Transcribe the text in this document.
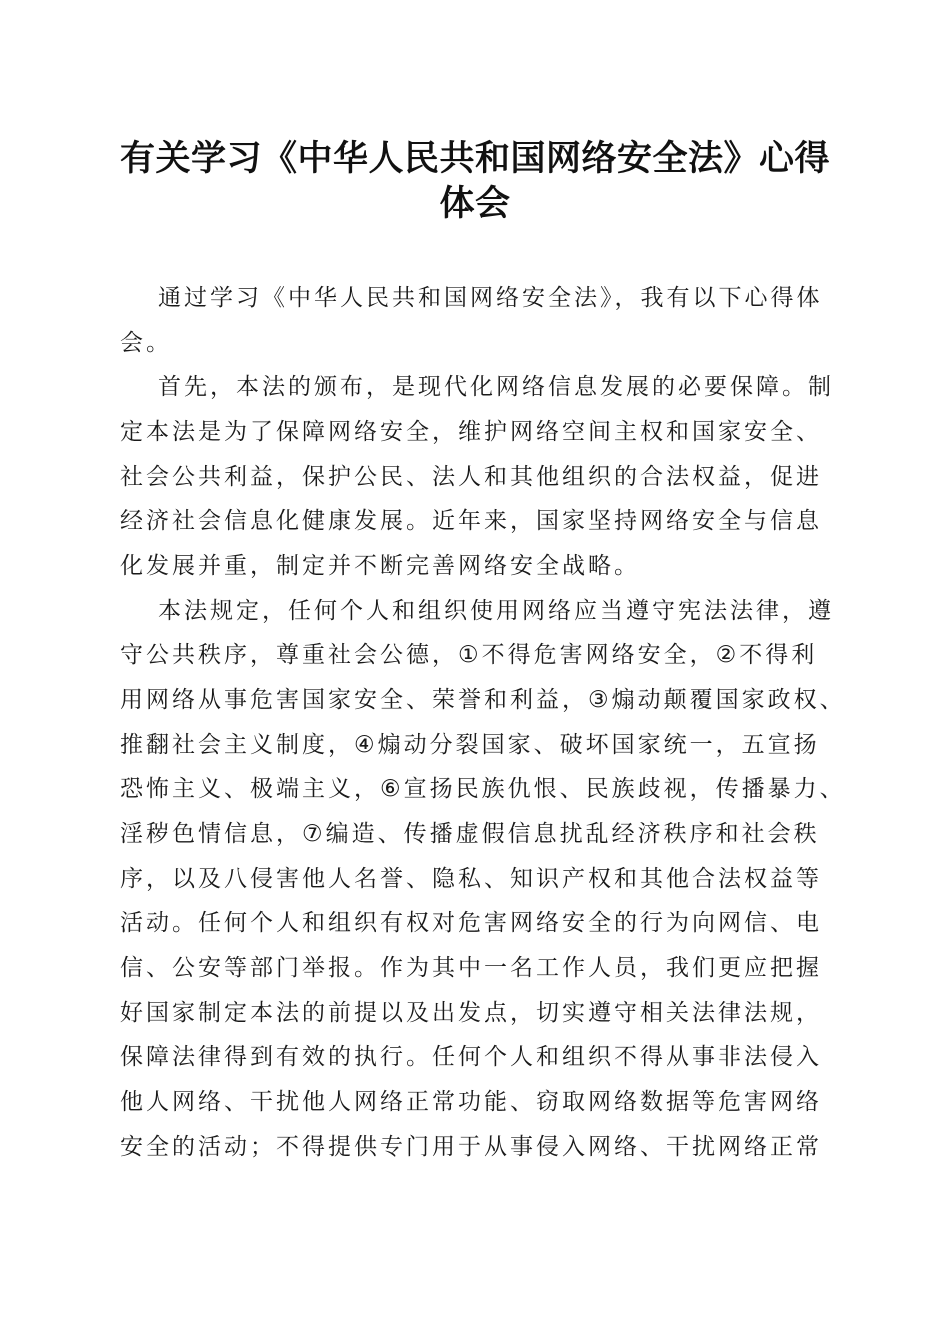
有关学习《中华人民共和国网络安全法》心得
体会

通过学习《中华人民共和国网络安全法》，我有以下心得体

会。

首先，本法的颁布，是现代化网络信息发展的必要保障。制

定本法是为了保障网络安全，维护网络空间主权和国家安全、

社会公共利益，保护公民、法人和其他组织的合法权益，促进

经济社会信息化健康发展。近年来，国家坚持网络安全与信息

化发展并重，制定并不断完善网络安全战略。

本法规定，任何个人和组织使用网络应当遵守宪法法律，遵

守公共秩序，尊重社会公德，①不得危害网络安全，②不得利

用网络从事危害国家安全、荣誉和利益，③煽动颠覆国家政权、

推翻社会主义制度，④煽动分裂国家、破坏国家统一，五宣扬

恐怖主义、极端主义，⑥宣扬民族仇恨、民族歧视，传播暴力、

淫秽色情信息，⑦编造、传播虚假信息扰乱经济秩序和社会秩

序，以及八侵害他人名誉、隐私、知识产权和其他合法权益等

活动。任何个人和组织有权对危害网络安全的行为向网信、电

信、公安等部门举报。作为其中一名工作人员，我们更应把握

好国家制定本法的前提以及出发点，切实遵守相关法律法规，

保障法律得到有效的执行。任何个人和组织不得从事非法侵入

他人网络、干扰他人网络正常功能、窃取网络数据等危害网络

安全的活动；不得提供专门用于从事侵入网络、干扰网络正常
